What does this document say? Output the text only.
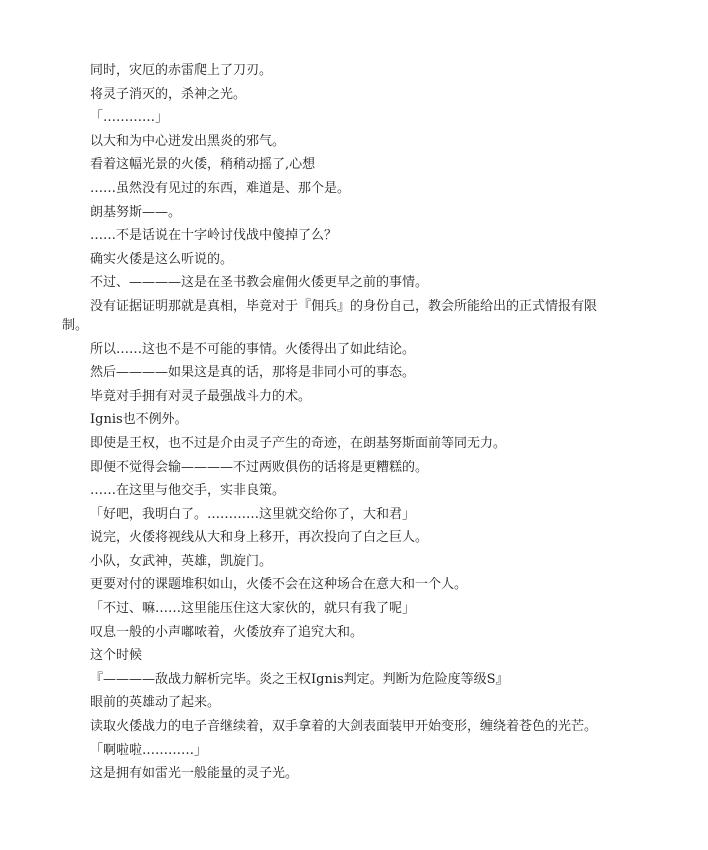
同时，灾厄的赤雷爬上了刀刃。

将灵子消灭的，杀神之光。

「…………」

以大和为中心迸发出黑炎的邪气。

看着这幅光景的火倭，稍稍动摇了,心想

……虽然没有见过的东西，难道是、那个是。

朗基努斯——。

……不是话说在十字岭讨伐战中傻掉了么？

确实火倭是这么听说的。

不过、————这是在圣书教会雇佣火倭更早之前的事情。

没有证据证明那就是真相，毕竟对于『佣兵』的身份自己，教会所能给出的正式情报有限制。

所以……这也不是不可能的事情。火倭得出了如此结论。

然后————如果这是真的话，那将是非同小可的事态。

毕竟对手拥有对灵子最强战斗力的术。

Ignis也不例外。

即使是王权，也不过是介由灵子产生的奇迹，在朗基努斯面前等同无力。

即便不觉得会输————不过两败俱伤的话将是更糟糕的。

……在这里与他交手，实非良策。

「好吧，我明白了。…………这里就交给你了，大和君」

说完，火倭将视线从大和身上移开，再次投向了白之巨人。

小队，女武神，英雄，凯旋门。

更要对付的课题堆积如山，火倭不会在这种场合在意大和一个人。

「不过、嘛……这里能压住这大家伙的，就只有我了呢」

叹息一般的小声嘟哝着，火倭放弃了追究大和。

这个时候

『————敌战力解析完毕。炎之王权Ignis判定。判断为危险度等级S』

眼前的英雄动了起来。

读取火倭战力的电子音继续着，双手拿着的大剑表面装甲开始变形，缠绕着苍色的光芒。

「啊啦啦…………」

这是拥有如雷光一般能量的灵子光。
